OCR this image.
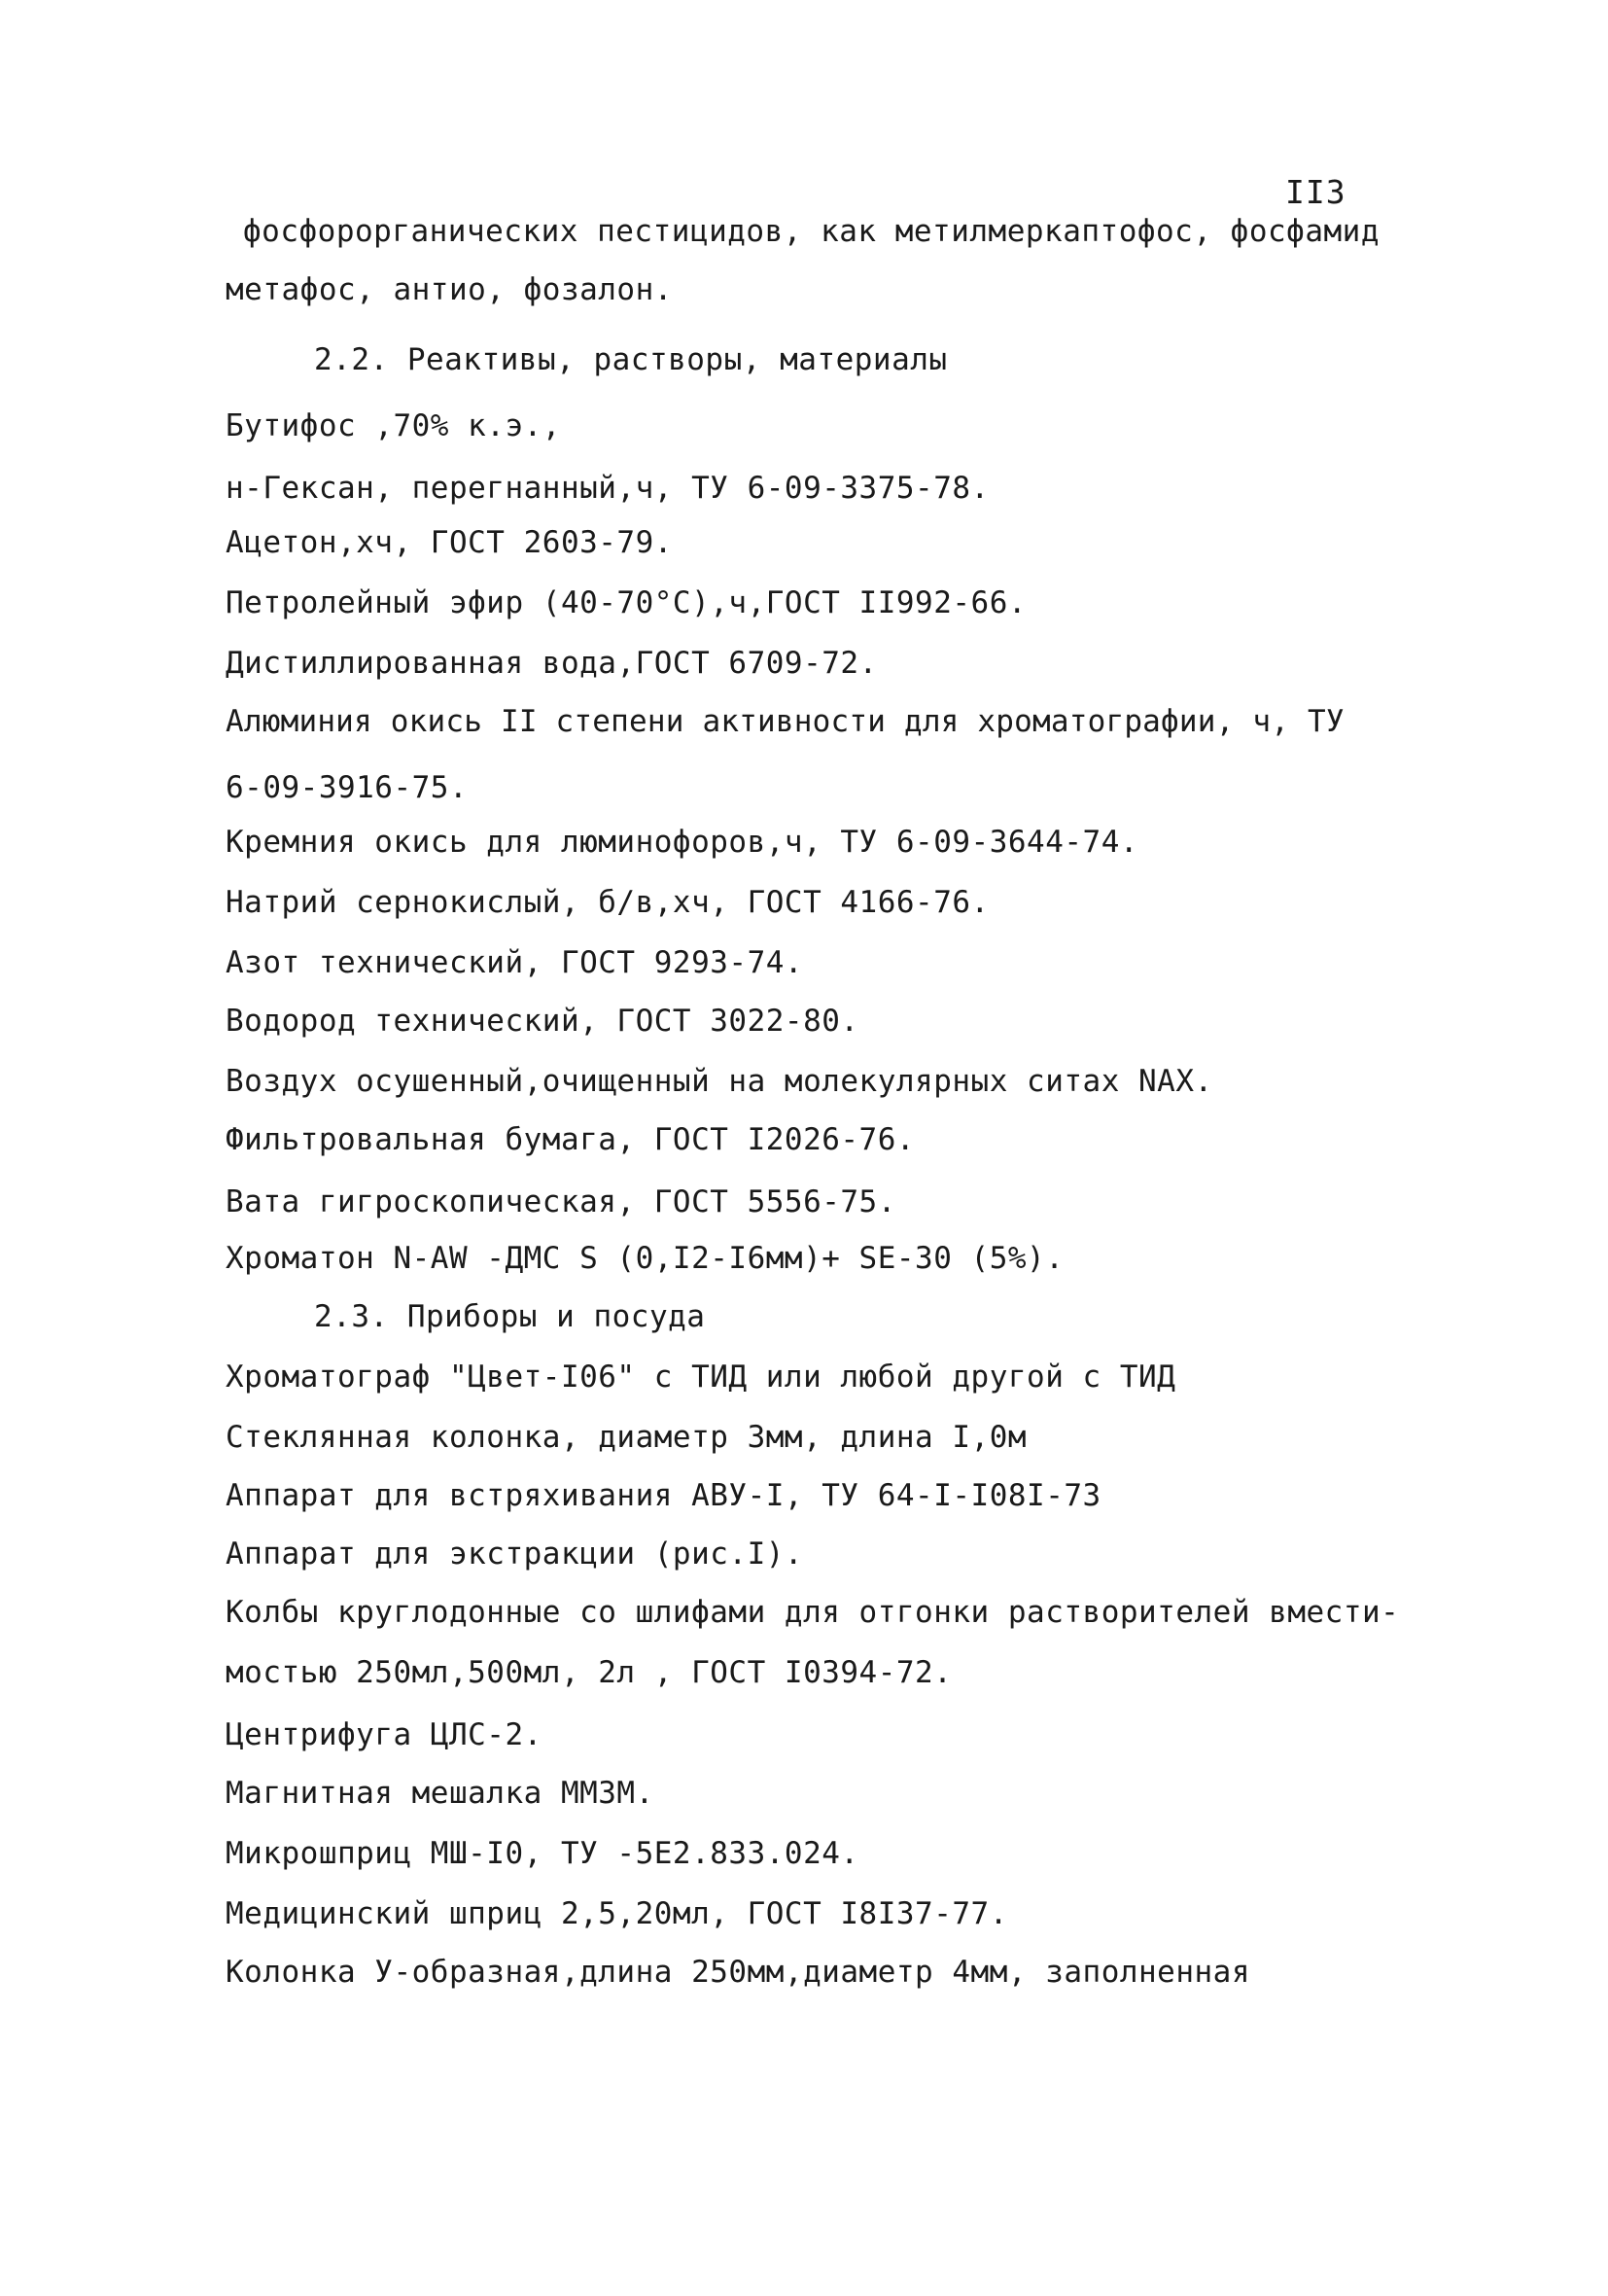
II3
фосфорорганических пестицидов, как метилмеркаптофос, фосфамид
метафос, антио, фозалон.
2.2. Реактивы, растворы, материалы
Бутифос ,70% к.э.,
н-Гексан, перегнанный,ч, ТУ 6-09-3375-78.
Ацетон,хч, ГОСТ 2603-79.
Петролейный эфир (40-70°С),ч,ГОСТ II992-66.
Дистиллированная вода,ГОСТ 6709-72.
Алюминия окись II степени активности для хроматографии, ч, ТУ
6-09-3916-75.
Кремния окись для люминофоров,ч, ТУ 6-09-3644-74.
Натрий сернокислый, б/в,хч, ГОСТ 4166-76.
Азот технический, ГОСТ 9293-74.
Водород технический, ГОСТ 3022-80.
Воздух осушенный,очищенный на молекулярных ситах NAX.
Фильтровальная бумага, ГОСТ I2026-76.
Вата гигроскопическая, ГОСТ 5556-75.
Хроматон N-AW -ДМС S (0,I2-I6мм)+ SE-30 (5%).
2.3. Приборы и посуда
Хроматограф "Цвет-I06" с ТИД или любой другой с ТИД
Стеклянная колонка, диаметр 3мм, длина I,0м
Аппарат для встряхивания АВУ-I, ТУ 64-I-I08I-73
Аппарат для экстракции (рис.I).
Колбы круглодонные со шлифами для отгонки растворителей вмести-
мостью 250мл,500мл, 2л , ГОСТ I0394-72.
Центрифуга ЦЛС-2.
Магнитная мешалка ММ3М.
Микрошприц МШ-I0, ТУ -5Е2.833.024.
Медицинский шприц 2,5,20мл, ГОСТ I8I37-77.
Колонка У-образная,длина 250мм,диаметр 4мм, заполненная
